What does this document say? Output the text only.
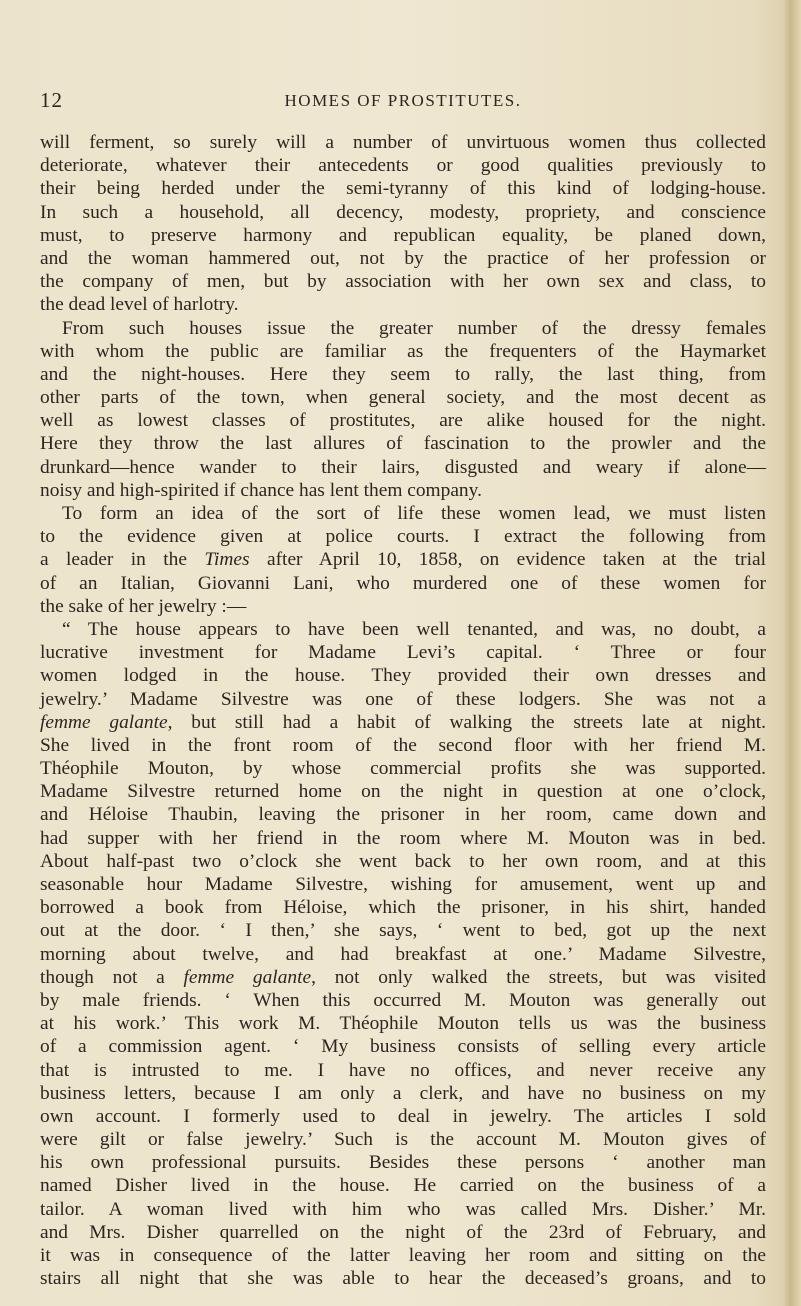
12	HOMES OF PROSTITUTES.
will ferment, so surely will a number of unvirtuous women thus collected
deteriorate, whatever their antecedents or good qualities previously to
their being herded under the semi-tyranny of this kind of lodging-house.
In such a household, all decency, modesty, propriety, and conscience
must, to preserve harmony and republican equality, be planed down,
and the woman hammered out, not by the practice of her profession or
the company of men, but by association with her own sex and class, to
the dead level of harlotry.
From such houses issue the greater number of the dressy females
with whom the public are familiar as the frequenters of the Haymarket
and the night-houses. Here they seem to rally, the last thing, from
other parts of the town, when general society, and the most decent as
well as lowest classes of prostitutes, are alike housed for the night.
Here they throw the last allures of fascination to the prowler and the
drunkard—hence wander to their lairs, disgusted and weary if alone—
noisy and high-spirited if chance has lent them company.
To form an idea of the sort of life these women lead, we must listen
to the evidence given at police courts. I extract the following from
a leader in the Times after April 10, 1858, on evidence taken at the trial
of an Italian, Giovanni Lani, who murdered one of these women for
the sake of her jewelry :—
“ The house appears to have been well tenanted, and was, no doubt, a
lucrative investment for Madame Levi’s capital. ‘ Three or four
women lodged in the house. They provided their own dresses and
jewelry.’ Madame Silvestre was one of these lodgers. She was not a
femme galante, but still had a habit of walking the streets late at night.
She lived in the front room of the second floor with her friend M.
Théophile Mouton, by whose commercial profits she was supported.
Madame Silvestre returned home on the night in question at one o’clock,
and Héloise Thaubin, leaving the prisoner in her room, came down and
had supper with her friend in the room where M. Mouton was in bed.
About half-past two o’clock she went back to her own room, and at this
seasonable hour Madame Silvestre, wishing for amusement, went up and
borrowed a book from Héloise, which the prisoner, in his shirt, handed
out at the door. ‘ I then,’ she says, ‘ went to bed, got up the next
morning about twelve, and had breakfast at one.’ Madame Silvestre,
though not a femme galante, not only walked the streets, but was visited
by male friends. ‘ When this occurred M. Mouton was generally out
at his work.’ This work M. Théophile Mouton tells us was the business
of a commission agent. ‘ My business consists of selling every article
that is intrusted to me. I have no offices, and never receive any
business letters, because I am only a clerk, and have no business on my
own account. I formerly used to deal in jewelry. The articles I sold
were gilt or false jewelry.’ Such is the account M. Mouton gives of
his own professional pursuits. Besides these persons ‘ another man
named Disher lived in the house. He carried on the business of a
tailor. A woman lived with him who was called Mrs. Disher.’ Mr.
and Mrs. Disher quarrelled on the night of the 23rd of February, and
it was in consequence of the latter leaving her room and sitting on the
stairs all night that she was able to hear the deceased’s groans, and to
